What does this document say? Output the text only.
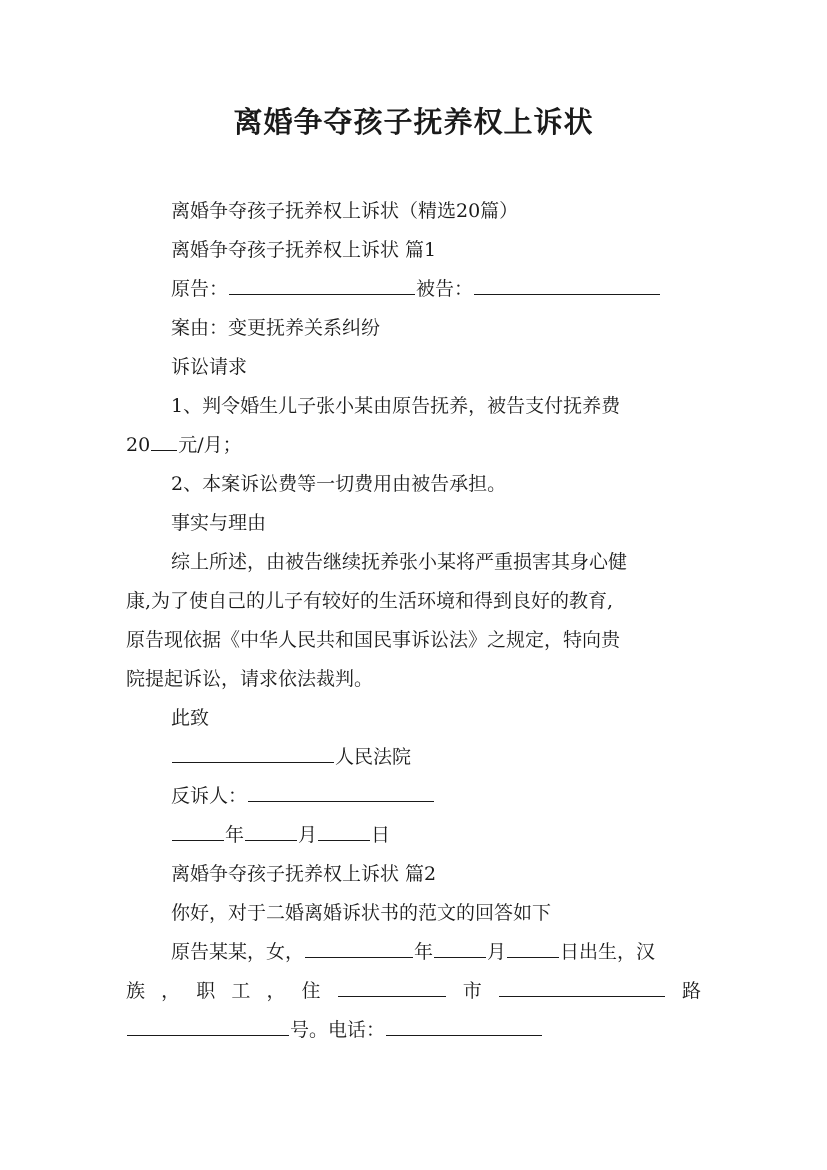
离婚争夺孩子抚养权上诉状
离婚争夺孩子抚养权上诉状（精选20篇）
离婚争夺孩子抚养权上诉状 篇1
原告：	被告：
案由：变更抚养关系纠纷
诉讼请求
1、判令婚生儿子张小某由原告抚养，被告支付抚养费
20 元/月；
2、本案诉讼费等一切费用由被告承担。
事实与理由
综上所述，由被告继续抚养张小某将严重损害其身心健
康,为了使自己的儿子有较好的生活环境和得到良好的教育,
原告现依据《中华人民共和国民事诉讼法》之规定，特向贵
院提起诉讼，请求依法裁判。
此致
人民法院
反诉人：
年	月	日
离婚争夺孩子抚养权上诉状 篇2
你好，对于二婚离婚诉状书的范文的回答如下
原告某某，女，	年	月	日出生，汉
族 ， 职 工 ， 住	市	路
号。电话：
